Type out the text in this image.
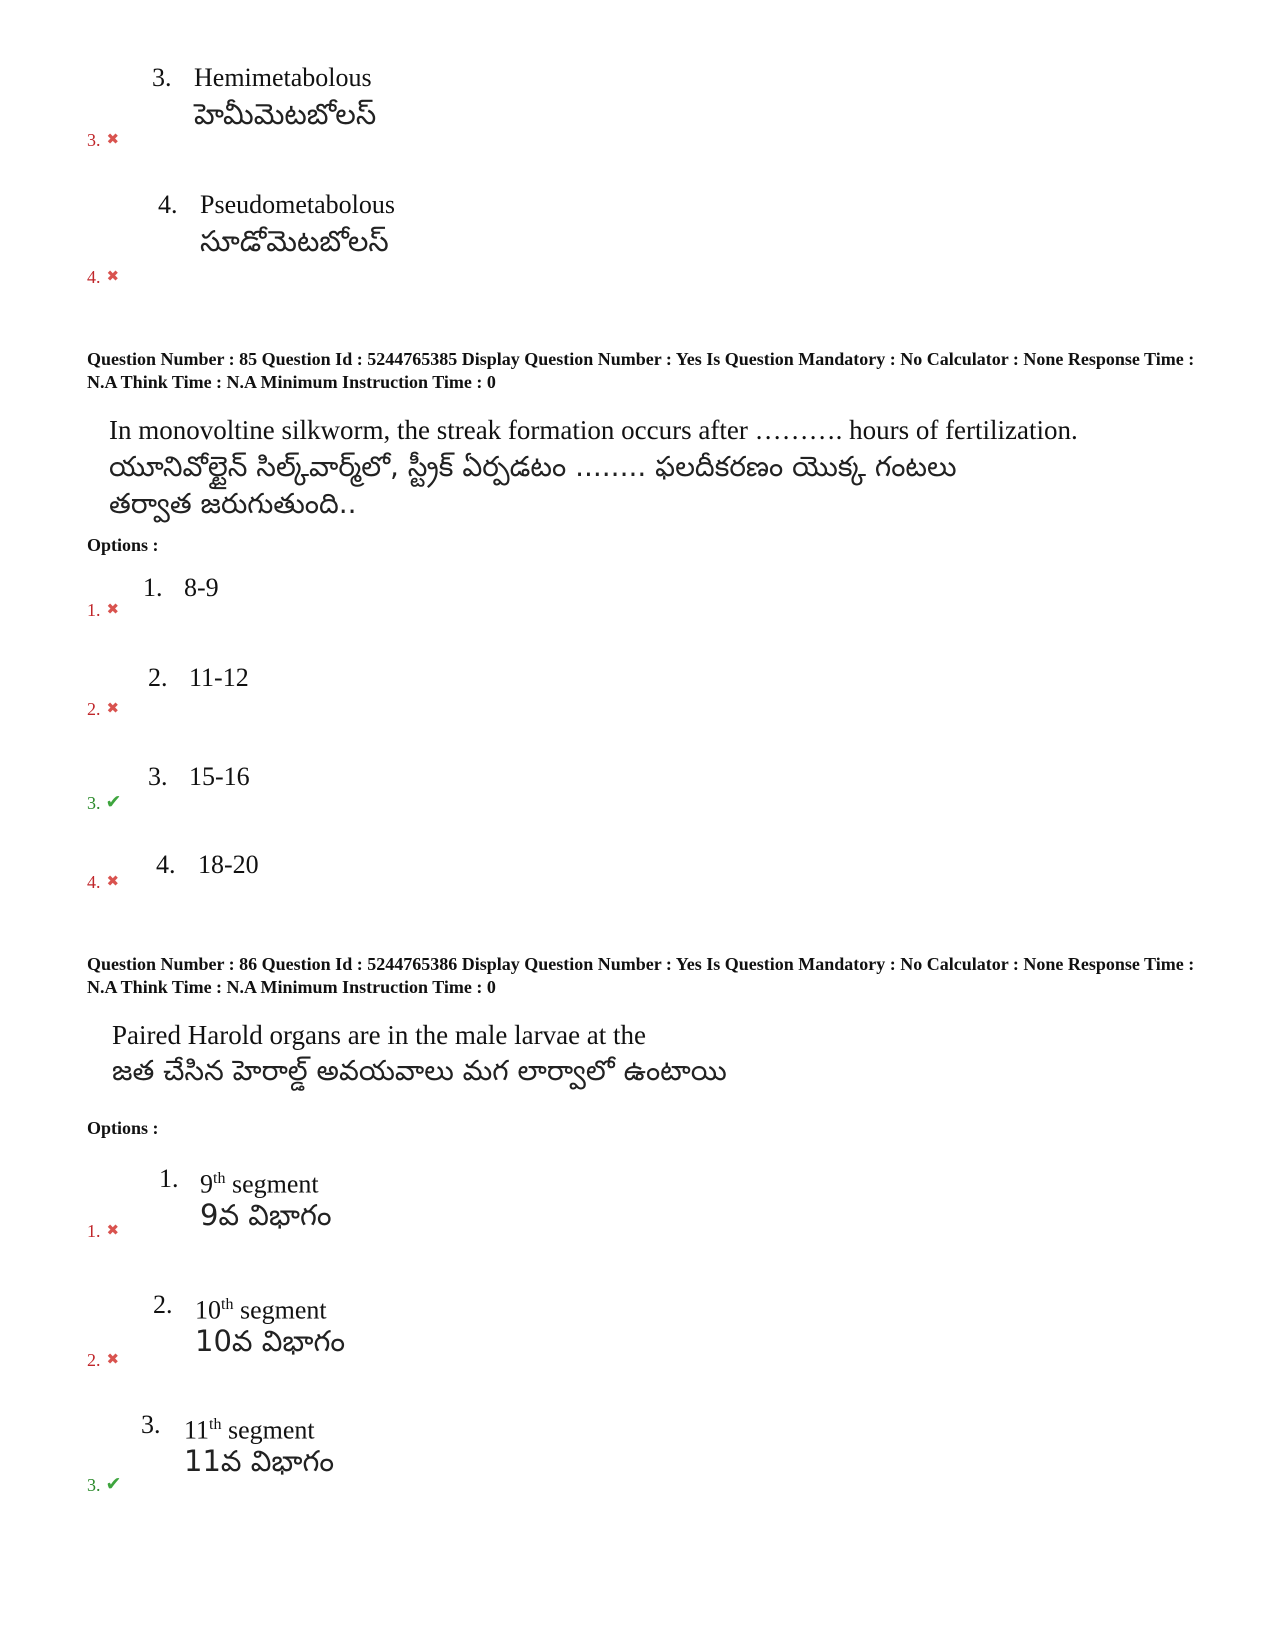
3. Hemimetabolous
హెమీమెటబోలస్
3. ✖
4. Pseudometabolous
సూడోమెటబోలస్
4. ✖
Question Number : 85 Question Id : 5244765385 Display Question Number : Yes Is Question Mandatory : No Calculator : None Response Time : N.A Think Time : N.A Minimum Instruction Time : 0
In monovoltine silkworm, the streak formation occurs after ………. hours of fertilization.
యూనివోల్టైన్ సిల్క్‌వార్మ్‌లో, స్ట్రీక్ ఏర్పడటం ........ ఫలదీకరణం యొక్క గంటలు
తర్వాత జరుగుతుంది..
Options :
1. 8-9
1. ✖
2. 11-12
2. ✖
3. 15-16
3. ✔
4. 18-20
4. ✖
Question Number : 86 Question Id : 5244765386 Display Question Number : Yes Is Question Mandatory : No Calculator : None Response Time : N.A Think Time : N.A Minimum Instruction Time : 0
Paired Harold organs are in the male larvae at the
జత చేసిన హెరాల్డ్ అవయవాలు మగ లార్వాలో ఉంటాయి
Options :
1. 9th segment
9వ విభాగం
1. ✖
2. 10th segment
10వ విభాగం
2. ✖
3. 11th segment
11వ విభాగం
3. ✔
